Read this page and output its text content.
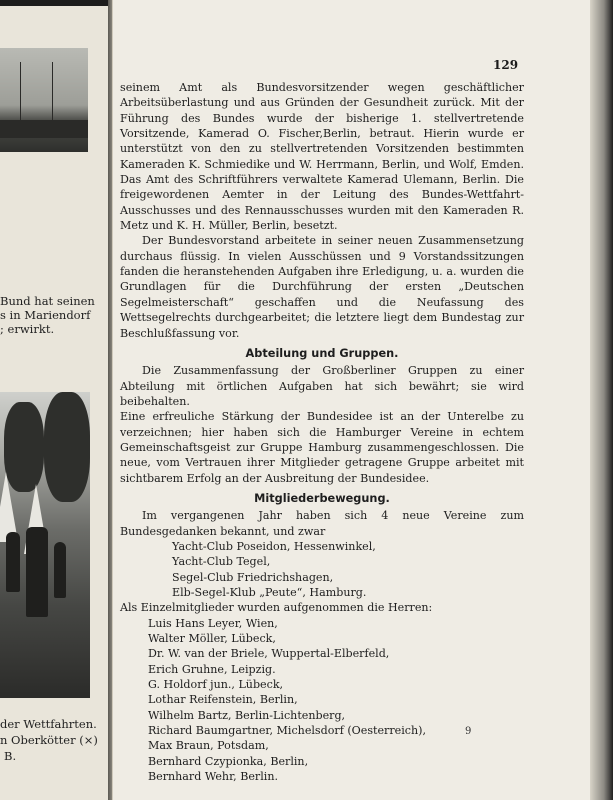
Bund hat seinen
s in Mariendorf
; erwirkt.
der Wettfahrten.
n Oberkötter (×)
B.
129

seinem Amt als Bundesvorsitzender wegen geschäftlicher Arbeitsüberlastung und aus Gründen der Gesundheit zurück. Mit der Führung des Bundes wurde der bisherige 1. stellvertretende Vorsitzende, Kamerad O. Fischer,Berlin, betraut. Hierin wurde er unterstützt von den zu stellvertretenden Vorsitzenden bestimmten Kameraden K. Schmiedike und W. Herrmann, Berlin, und Wolf, Emden. Das Amt des Schriftführers verwaltete Kamerad Ulemann, Berlin. Die freigewordenen Aemter in der Leitung des Bundes-Wettfahrt-Ausschusses und des Rennausschusses wurden mit den Kameraden R. Metz und K. H. Müller, Berlin, besetzt.

Der Bundesvorstand arbeitete in seiner neuen Zusammensetzung durchaus flüssig. In vielen Ausschüssen und 9 Vorstandssitzungen fanden die heranstehenden Aufgaben ihre Erledigung, u. a. wurden die Grundlagen für die Durchführung der ersten „Deutschen Segelmeisterschaft“ geschaffen und die Neufassung des Wettsegelrechts durchgearbeitet; die letztere liegt dem Bundestag zur Beschlußfassung vor.

Abteilung und Gruppen.

Die Zusammenfassung der Großberliner Gruppen zu einer Abteilung mit örtlichen Aufgaben hat sich bewährt; sie wird beibehalten.

Eine erfreuliche Stärkung der Bundesidee ist an der Unterelbe zu verzeichnen; hier haben sich die Hamburger Vereine in echtem Gemeinschaftsgeist zur Gruppe Hamburg zusammengeschlossen. Die neue, vom Vertrauen ihrer Mitglieder getragene Gruppe arbeitet mit sichtbarem Erfolg an der Ausbreitung der Bundesidee.

Mitgliederbewegung.

Im vergangenen Jahr haben sich 4 neue Vereine zum Bundesgedanken bekannt, und zwar

Yacht-Club Poseidon, Hessenwinkel,
Yacht-Club Tegel,
Segel-Club Friedrichshagen,
Elb-Segel-Klub „Peute“, Hamburg.

Als Einzelmitglieder wurden aufgenommen die Herren:

Luis Hans Leyer, Wien,
Walter Möller, Lübeck,
Dr. W. van der Briele, Wuppertal-Elberfeld,
Erich Gruhne, Leipzig.
G. Holdorf jun., Lübeck,
Lothar Reifenstein, Berlin,
Wilhelm Bartz, Berlin-Lichtenberg,
Richard Baumgartner, Michelsdorf (Oesterreich),
Max Braun, Potsdam,
Bernhard Czypionka, Berlin,
Bernhard Wehr, Berlin.
9
